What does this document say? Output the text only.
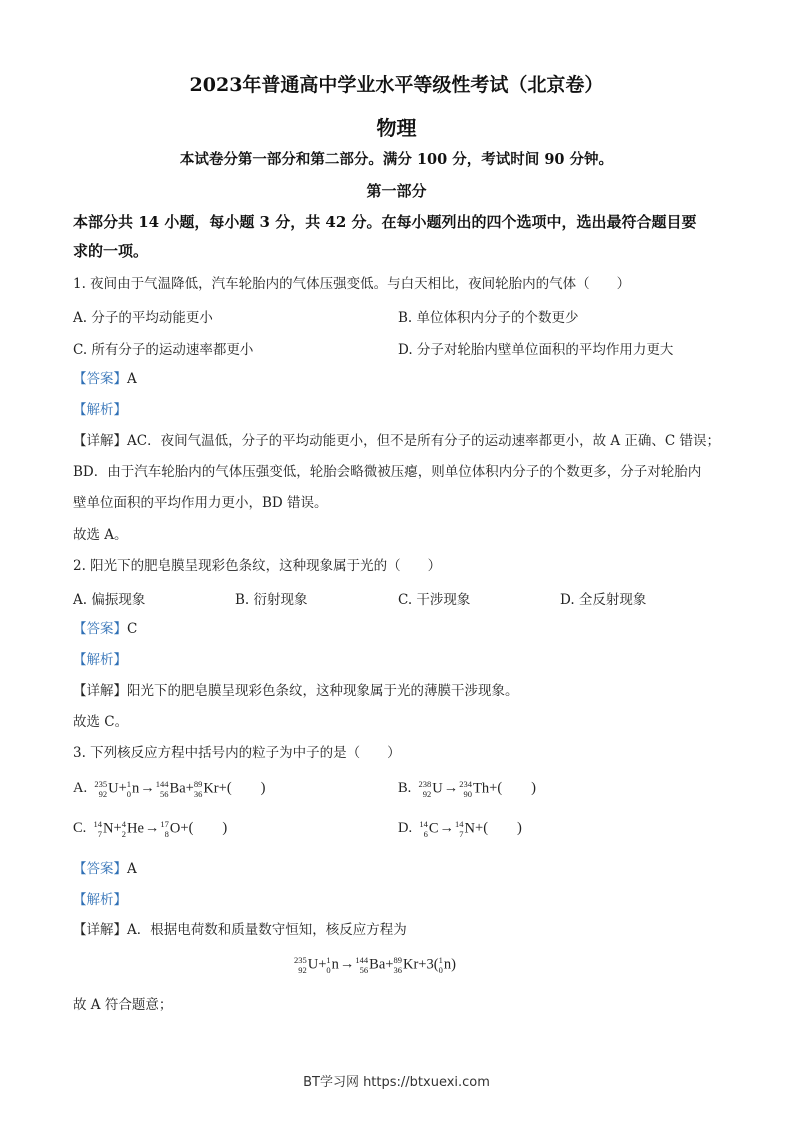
2023年普通高中学业水平等级性考试（北京卷）
物理
本试卷分第一部分和第二部分。满分 100 分，考试时间 90 分钟。
第一部分
本部分共 14 小题，每小题 3 分，共 42 分。在每小题列出的四个选项中，选出最符合题目要
求的一项。
1. 夜间由于气温降低，汽车轮胎内的气体压强变低。与白天相比，夜间轮胎内的气体（　　）
A. 分子的平均动能更小	B. 单位体积内分子的个数更少
C. 所有分子的运动速率都更小	D. 分子对轮胎内壁单位面积的平均作用力更大
【答案】A
【解析】
【详解】AC．夜间气温低，分子的平均动能更小，但不是所有分子的运动速率都更小，故 A 正确、C 错误；
BD．由于汽车轮胎内的气体压强变低，轮胎会略微被压瘪，则单位体积内分子的个数更多，分子对轮胎内
壁单位面积的平均作用力更小，BD 错误。
故选 A。
2. 阳光下的肥皂膜呈现彩色条纹，这种现象属于光的（　　）
A. 偏振现象	B. 衍射现象	C. 干涉现象	D. 全反射现象
【答案】C
【解析】
【详解】阳光下的肥皂膜呈现彩色条纹，这种现象属于光的薄膜干涉现象。
故选 C。
3. 下列核反应方程中括号内的粒子为中子的是（　　）
A. 235
92 U+ 1
0 n→ 144
56 Ba+ 89
36 Kr+(　　)	B. 238
92 U→ 234
90 Th+(　　)
C. 14
7 N+ 4
2 He→ 17
8 O+(　　)	D. 14
6 C→ 14
7 N+(　　)
【答案】A
【解析】
【详解】A．根据电荷数和质量数守恒知，核反应方程为
235
92 U+ 1
0 n→ 144
56 Ba+ 89
36 Kr+3( 1
0 n)
故 A 符合题意；
BT学习网 https://btxuexi.com
